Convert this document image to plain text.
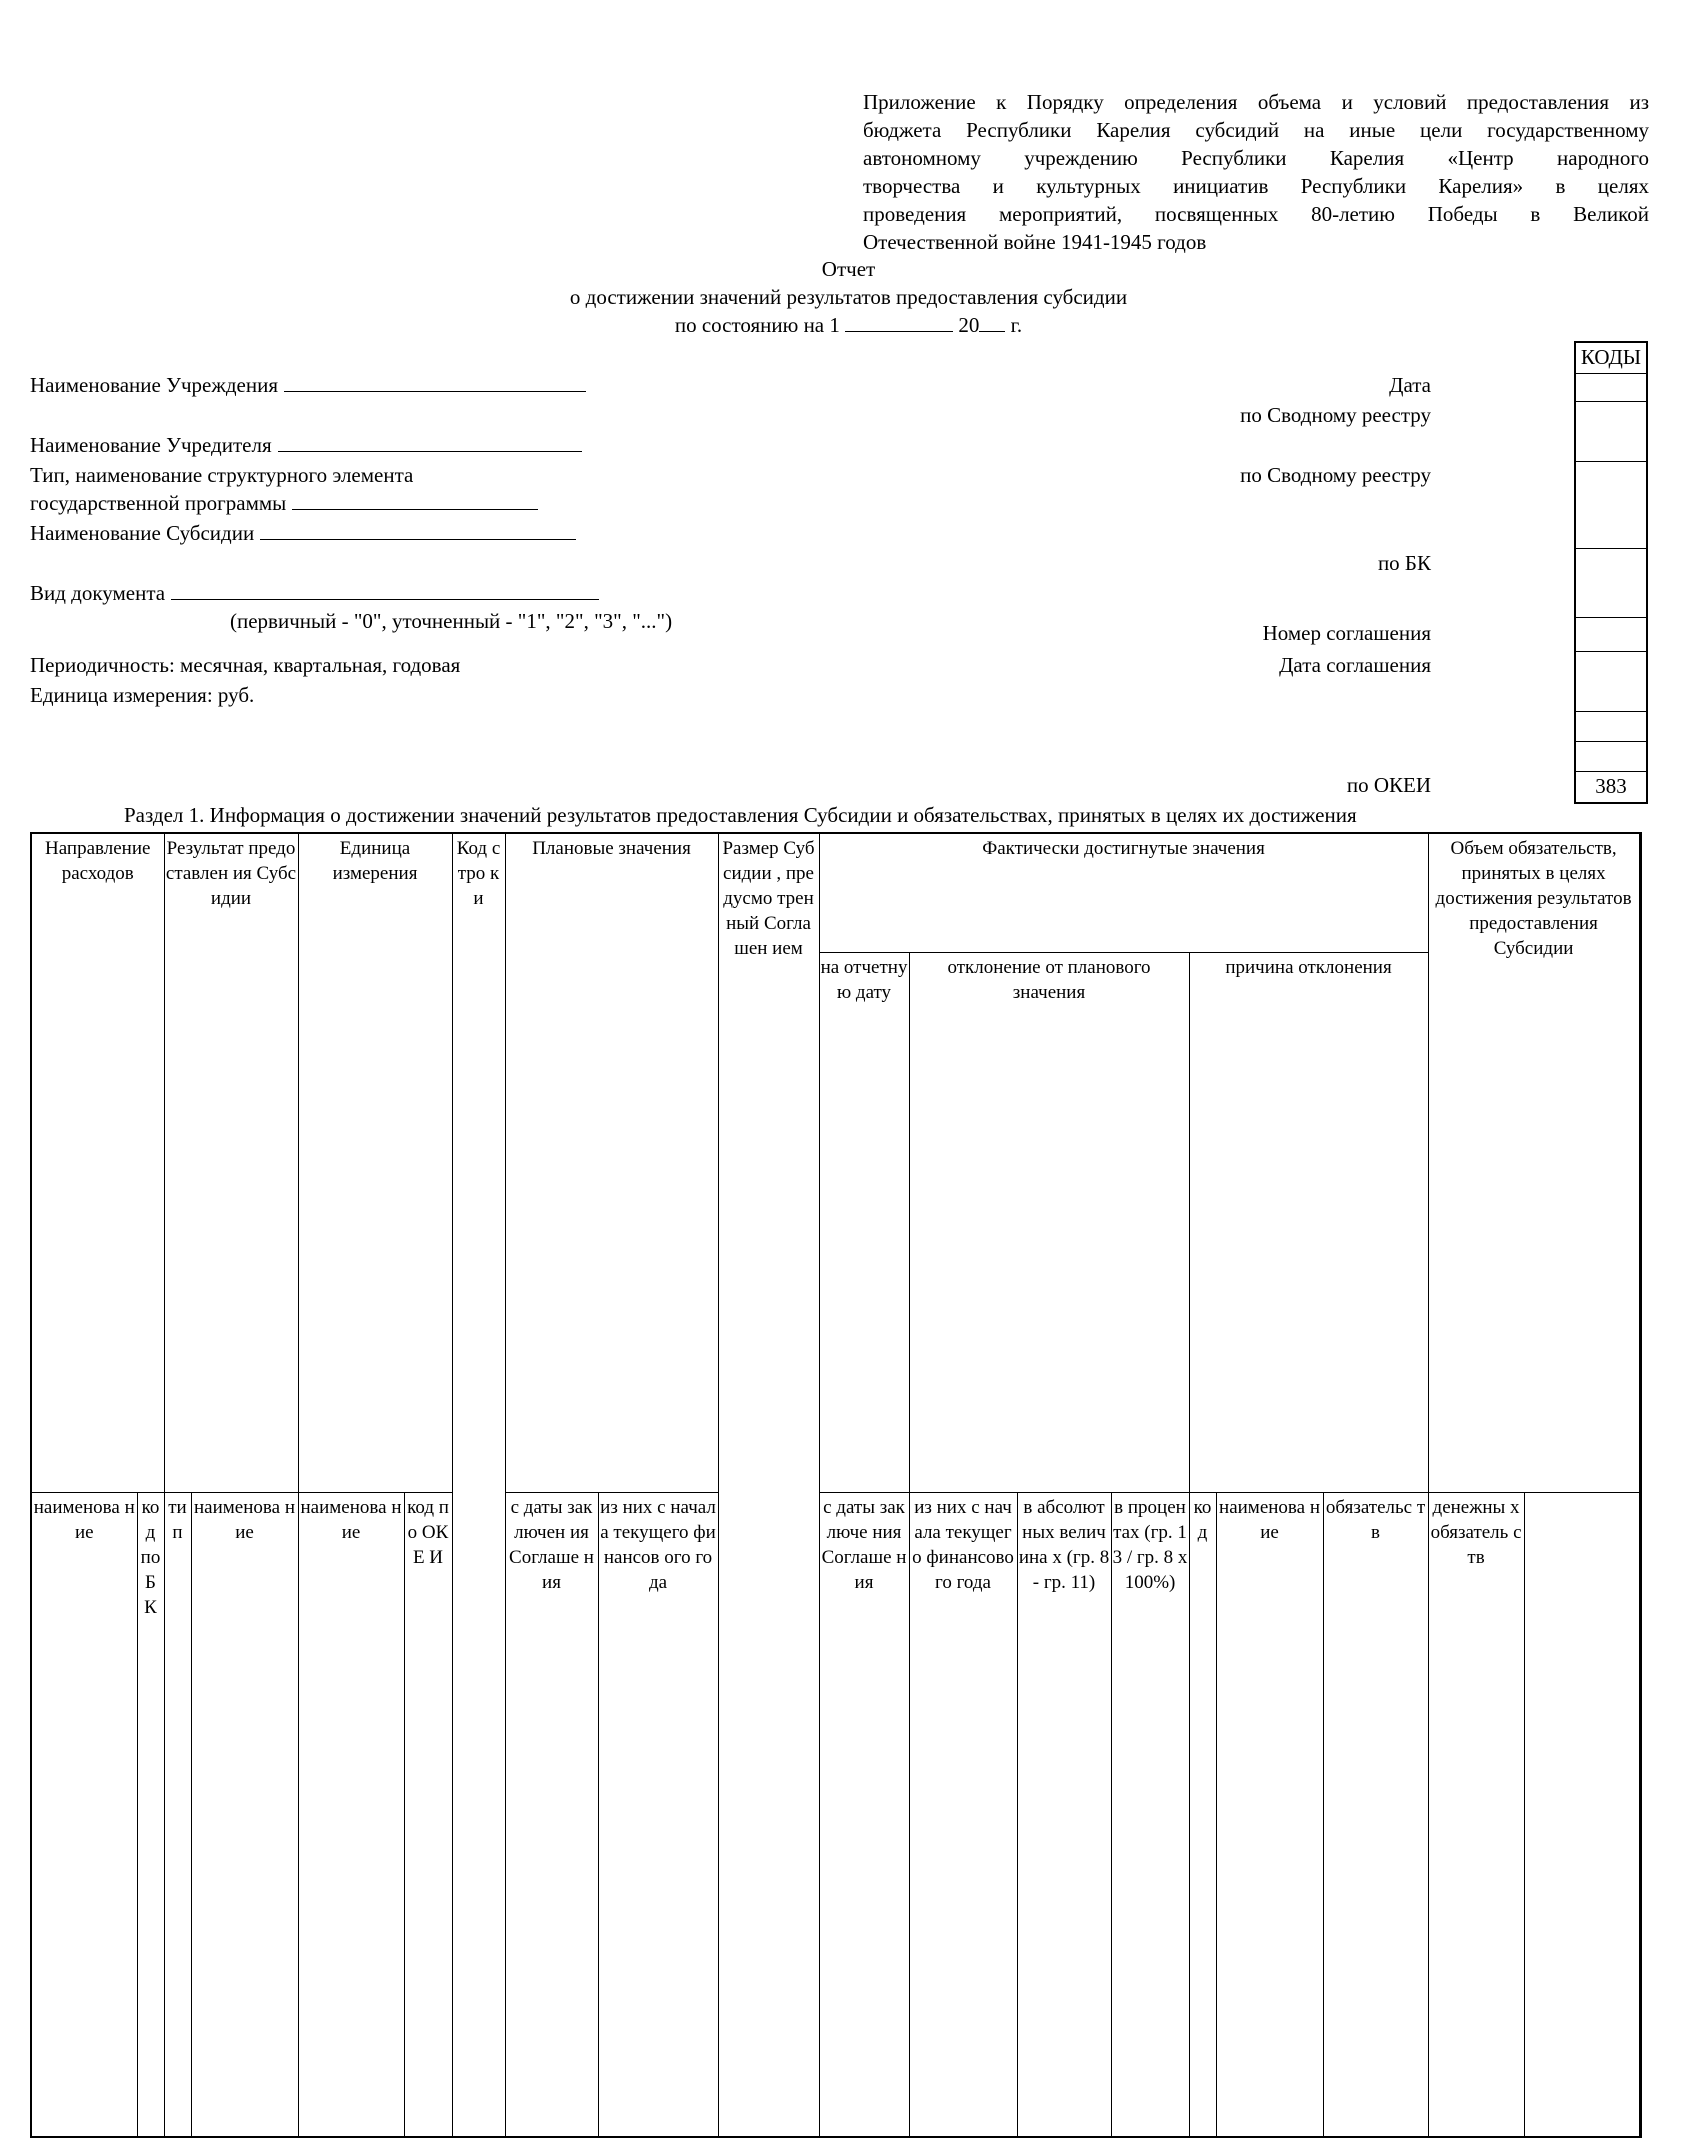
Приложение к Порядку определения объема и условий предоставления из
бюджета Республики Карелия субсидий на иные цели государственному
автономному учреждению Республики Карелия «Центр народного
творчества и культурных инициатив Республики Карелия» в целях
проведения мероприятий, посвященных 80-летию Победы в Великой
Отечественной войне 1941-1945 годов
Отчет
о достижении значений результатов предоставления субсидии
по состоянию на 1	20 г.
Наименование Учреждения
Наименование Учредителя
Тип, наименование структурного элемента
государственной программы
Наименование Субсидии
Вид документа
(первичный - "0", уточненный - "1", "2", "3", "...")
Периодичность: месячная, квартальная, годовая
Единица измерения: руб.
Дата
по Сводному реестру
по Сводному реестру
по БК
Номер соглашения
Дата соглашения
по ОКЕИ
КОДЫ
383
Раздел 1. Информация о достижении значений результатов предоставления Субсидии и обязательствах, принятых в целях их достижения
Направление расходов		Результат предоставлен ия Субсидии		Единица измерения		Код стро ки	Плановые значения		Размер Субсидии , предусмо тренный Соглашен ием	Фактически достигнутые значения							Объем обязательств, принятых в целях достижения результатов предоставления Субсидии	
										на отчетну ю дату	отклонение от планового значения			причина отклонения				
наименова ние	ко д по Б К	ти п	наименова ние	наименова ние	код по ОКЕ И		с даты заключен ия Соглаше ния	из них с начала текущего финансов ого года		с даты заключе ния Соглаше ния	из них с начала текущего финансово го года	в абсолют ных величина х (гр. 8 - гр. 11)	в процен тах (гр. 13 / гр. 8 x 100%)	ко д	наименова ние	обязательс тв	денежны х обязатель ств	
